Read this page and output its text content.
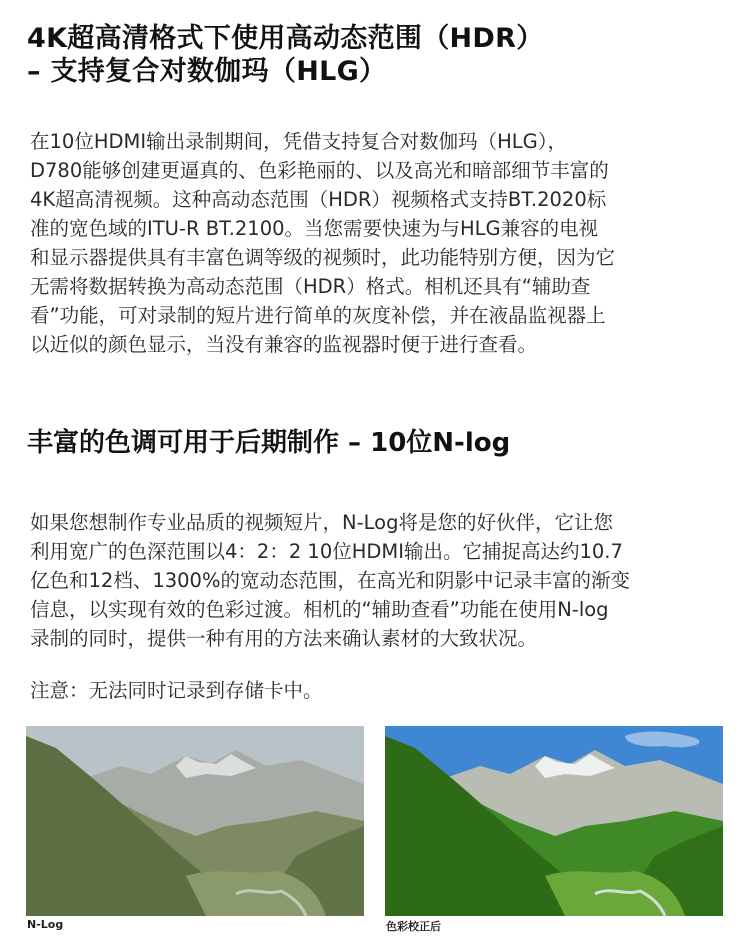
4K超高清格式下使用高动态范围（HDR）
– 支持复合对数伽玛（HLG）

在10位HDMI输出录制期间，凭借支持复合对数伽玛（HLG），
D780能够创建更逼真的、色彩艳丽的、以及高光和暗部细节丰富的
4K超高清视频。这种高动态范围（HDR）视频格式支持BT.2020标
准的宽色域的ITU-R BT.2100。当您需要快速为与HLG兼容的电视
和显示器提供具有丰富色调等级的视频时，此功能特别方便，因为它
无需将数据转换为高动态范围（HDR）格式。相机还具有“辅助查
看”功能，可对录制的短片进行简单的灰度补偿，并在液晶监视器上
以近似的颜色显示，当没有兼容的监视器时便于进行查看。

丰富的色调可用于后期制作 – 10位N-log

如果您想制作专业品质的视频短片，N-Log将是您的好伙伴，它让您
利用宽广的色深范围以4：2：2 10位HDMI输出。它捕捉高达约10.7
亿色和12档、1300%的宽动态范围，在高光和阴影中记录丰富的渐变
信息，以实现有效的色彩过渡。相机的“辅助查看”功能在使用N-log
录制的同时，提供一种有用的方法来确认素材的大致状况。

注意：无法同时记录到存储卡中。
N-Log	色彩校正后
